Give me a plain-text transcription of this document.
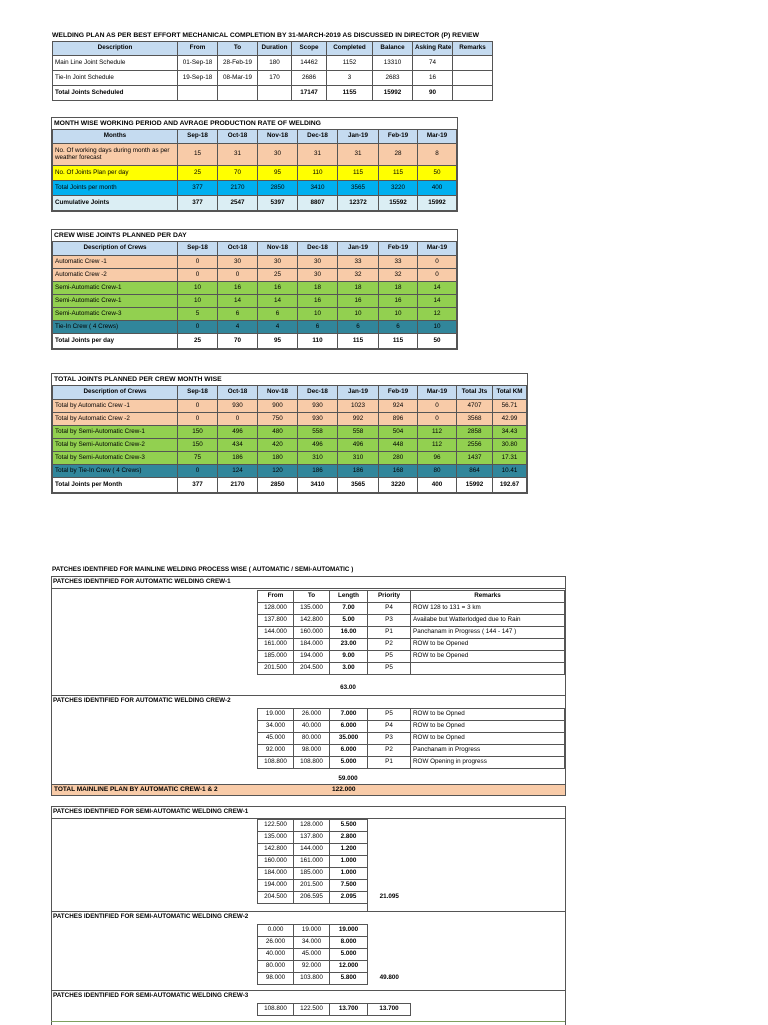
WELDING PLAN AS PER BEST EFFORT MECHANICAL COMPLETION BY 31-MARCH-2019 AS DISCUSSED IN DIRECTOR (P) REVIEW
Description	From	To	Duration	Scope	Completed	Balance	Asking Rate	Remarks
Main Line Joint Schedule	01-Sep-18	28-Feb-19	180	14462	1152	13310	74	
Tie-In Joint Schedule	19-Sep-18	08-Mar-19	170	2686	3	2683	16	
Total Joints Scheduled				17147	1155	15992	90	
MONTH WISE WORKING PERIOD AND AVRAGE PRODUCTION RATE OF WELDING
Months	Sep-18	Oct-18	Nov-18	Dec-18	Jan-19	Feb-19	Mar-19
No. Of working days during month as per weather forecast	15	31	30	31	31	28	8
No. Of Joints Plan per day	25	70	95	110	115	115	50
Total Joints per month	377	2170	2850	3410	3565	3220	400
Cumulative Joints	377	2547	5397	8807	12372	15592	15992
CREW WISE JOINTS PLANNED PER DAY
Description of Crews	Sep-18	Oct-18	Nov-18	Dec-18	Jan-19	Feb-19	Mar-19
Automatic Crew -1	0	30	30	30	33	33	0
Automatic Crew -2	0	0	25	30	32	32	0
Semi-Automatic Crew-1	10	16	16	18	18	18	14
Semi-Automatic Crew-1	10	14	14	16	16	16	14
Semi-Automatic Crew-3	5	6	6	10	10	10	12
Tie-In Crew ( 4 Crews)	0	4	4	6	6	6	10
Total Joints per day	25	70	95	110	115	115	50
TOTAL JOINTS PLANNED PER CREW MONTH WISE
Description of Crews	Sep-18	Oct-18	Nov-18	Dec-18	Jan-19	Feb-19	Mar-19	Total Jts	Total KM
Total by Automatic Crew -1	0	930	900	930	1023	924	0	4707	56.71
Total by Automatic Crew -2	0	0	750	930	992	896	0	3568	42.99
Total by Semi-Automatic Crew-1	150	496	480	558	558	504	112	2858	34.43
Total by Semi-Automatic Crew-2	150	434	420	496	496	448	112	2556	30.80
Total by Semi-Automatic Crew-3	75	186	180	310	310	280	96	1437	17.31
Total by Tie-In Crew ( 4 Crews)	0	124	120	186	186	168	80	864	10.41
Total Joints per Month	377	2170	2850	3410	3565	3220	400	15992	192.67
PATCHES IDENTIFIED FOR MAINLINE WELDING PROCESS WISE ( AUTOMATIC / SEMI-AUTOMATIC )
PATCHES IDENTIFIED FOR AUTOMATIC WELDING CREW-1
From	To	Length	Priority	Remarks
128.000	135.000	7.00	P4	ROW 128 to 131 = 3 km
137.800	142.800	5.00	P3	Availabe but Watterlodged due to Rain
144.000	160.000	16.00	P1	Panchanam in Progress ( 144 - 147 )
161.000	184.000	23.00	P2	ROW to be Opened
185.000	194.000	9.00	P5	ROW to be Opened
201.500	204.500	3.00	P5	
63.00
PATCHES IDENTIFIED FOR AUTOMATIC WELDING CREW-2
19.000	26.000	7.000	P5	ROW to be Opned
34.000	40.000	6.000	P4	ROW to be Opned
45.000	80.000	35.000	P3	ROW to be Opned
92.000	98.000	6.000	P2	Panchanam in Progress
108.800	108.800	5.000	P1	ROW Opening in progress
59.000
TOTAL MAINLINE PLAN BY AUTOMATIC CREW-1 & 2	122.000
PATCHES IDENTIFIED FOR SEMI-AUTOMATIC WELDING CREW-1
122.500	128.000	5.500	
135.000	137.800	2.800	
142.800	144.000	1.200	
160.000	161.000	1.000	
184.000	185.000	1.000	
194.000	201.500	7.500	
204.500	206.595	2.095	21.095
PATCHES IDENTIFIED FOR SEMI-AUTOMATIC WELDING CREW-2
0.000	19.000	19.000	
26.000	34.000	8.000	
40.000	45.000	5.000	
80.000	92.000	12.000	
98.000	103.800	5.800	49.800
PATCHES IDENTIFIED FOR SEMI-AUTOMATIC WELDING CREW-3
108.800	122.500	13.700	13.700
